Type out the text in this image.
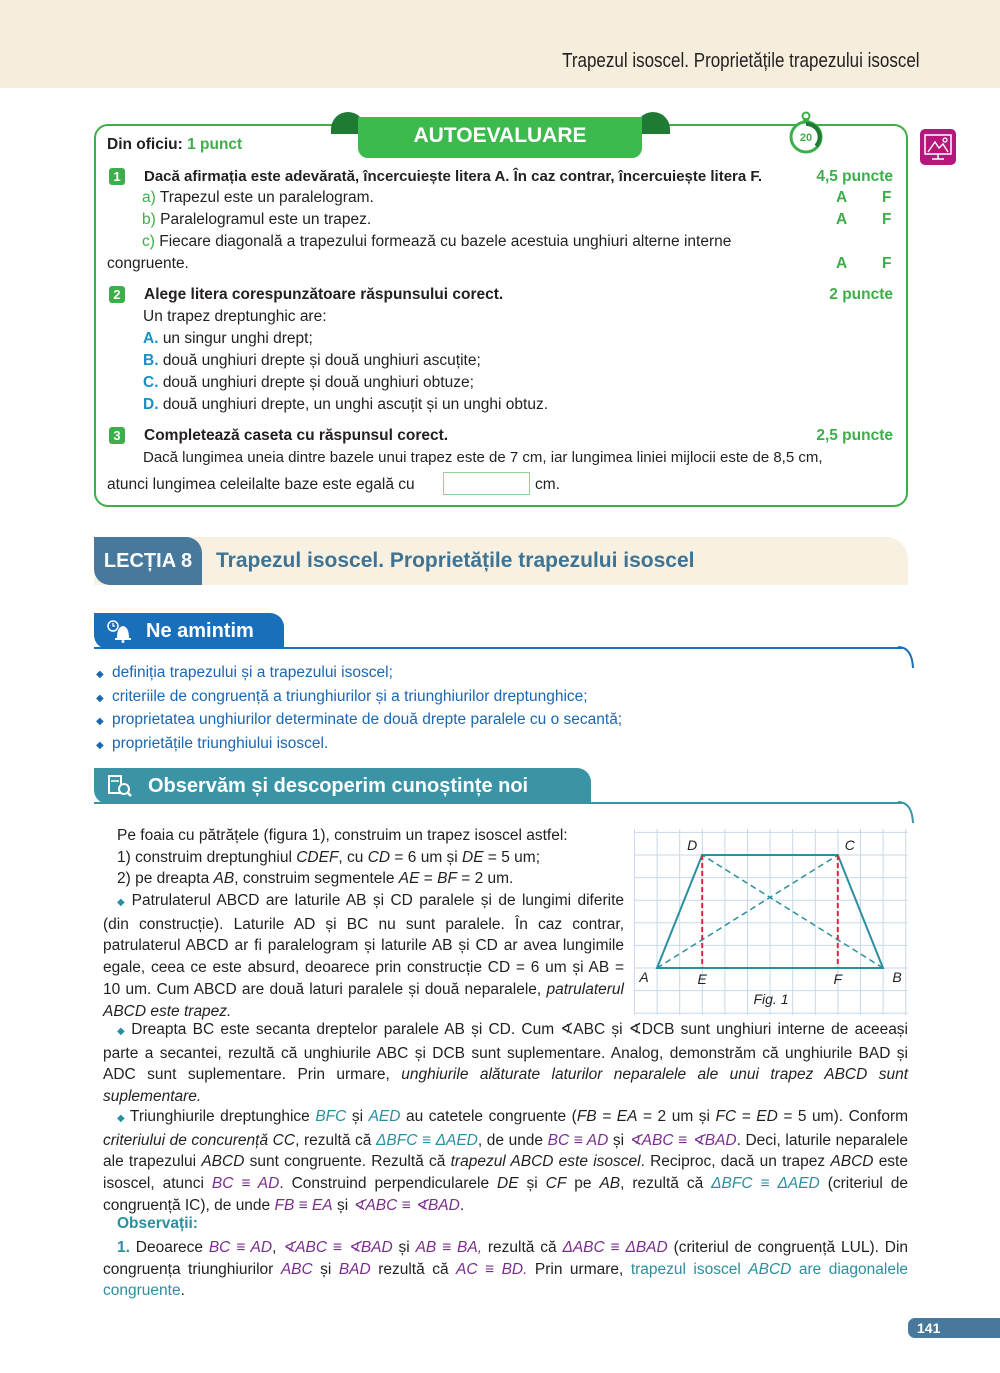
Trapezul isoscel. Proprietățile trapezului isoscel
AUTOEVALUARE	20
Din oficiu: 1 punct
1 Dacă afirmația este adevărată, încercuiește litera A. În caz contrar, încercuiește litera F.	4,5 puncte
a) Trapezul este un paralelogram.	A F
b) Paralelogramul este un trapez.	A F
c) Fiecare diagonală a trapezului formează cu bazele acestuia unghiuri alterne interne
congruente.	A F
2 Alege litera corespunzătoare răspunsului corect.	2 puncte
Un trapez dreptunghic are:
A. un singur unghi drept;
B. două unghiuri drepte și două unghiuri ascuțite;
C. două unghiuri drepte și două unghiuri obtuze;
D. două unghiuri drepte, un unghi ascuțit și un unghi obtuz.
3 Completează caseta cu răspunsul corect.	2,5 puncte
Dacă lungimea uneia dintre bazele unui trapez este de 7 cm, iar lungimea liniei mijlocii este de 8,5 cm,
atunci lungimea celeilalte baze este egală cu	cm.
LECȚIA 8	Trapezul isoscel. Proprietățile trapezului isoscel
Ne amintim
◆ definiția trapezului și a trapezului isoscel;
◆ criteriile de congruență a triunghiurilor și a triunghiurilor dreptunghice;
◆ proprietatea unghiurilor determinate de două drepte paralele cu o secantă;
◆ proprietățile triunghiului isoscel.
Observăm și descoperim cunoștințe noi
Pe foaia cu pătrățele (figura 1), construim un trapez isoscel astfel:
1) construim dreptunghiul CDEF, cu CD = 6 um și DE = 5 um;
2) pe dreapta AB, construim segmentele AE = BF = 2 um.
◆ Patrulaterul ABCD are laturile AB și CD paralele și de lungimi diferite (din construcție). Laturile AD și BC nu sunt paralele. În caz contrar, patrulaterul ABCD ar fi paralelogram și laturile AB și CD ar avea lungimile egale, ceea ce este absurd, deoarece prin construcție CD = 6 um și AB = 10 um. Cum ABCD are două laturi paralele și două neparalele, patrulaterul ABCD este trapez.
A	B
C
D
E	F
Fig. 1
◆ Dreapta BC este secanta dreptelor paralele AB și CD. Cum ∢ABC și ∢DCB sunt unghiuri interne de aceeași parte a secantei, rezultă că unghiurile ABC și DCB sunt suplementare. Analog, demonstrăm că unghiurile BAD și ADC sunt suplementare. Prin urmare, unghiurile alăturate laturilor neparalele ale unui trapez ABCD sunt suplementare.
◆ Triunghiurile dreptunghice BFC și AED au catetele congruente (FB = EA = 2 um și FC = ED = 5 um). Conform criteriului de concurență CC, rezultă că ΔBFC ≡ ΔAED, de unde BC ≡ AD și ∢ABC ≡ ∢BAD. Deci, laturile neparalele ale trapezului ABCD sunt congruente. Rezultă că trapezul ABCD este isoscel. Reciproc, dacă un trapez ABCD este isoscel, atunci BC ≡ AD. Construind perpendicularele DE și CF pe AB, rezultă că ΔBFC ≡ ΔAED (criteriul de congruență IC), de unde FB ≡ EA și ∢ABC ≡ ∢BAD.
Observații:
1. Deoarece BC ≡ AD, ∢ABC ≡ ∢BAD și AB ≡ BA, rezultă că ΔABC ≡ ΔBAD (criteriul de congruență LUL). Din congruența triunghiurilor ABC și BAD rezultă că AC ≡ BD. Prin urmare, trapezul isoscel ABCD are diagonalele congruente.
141
